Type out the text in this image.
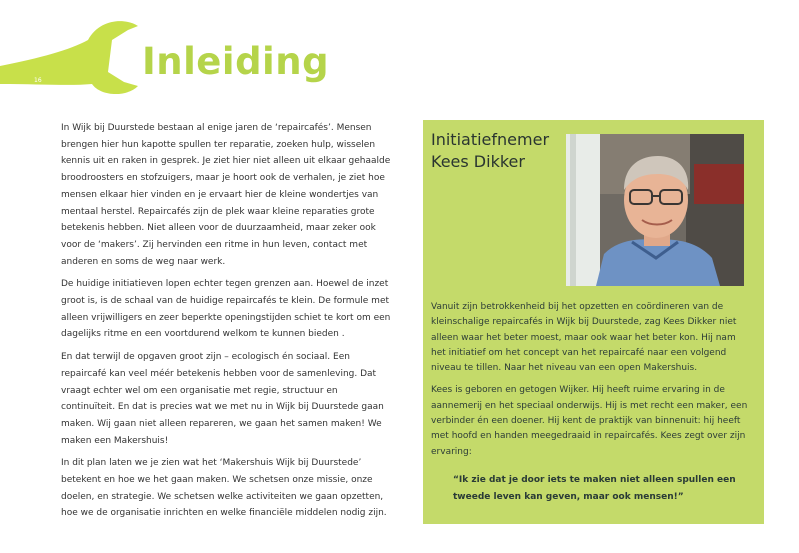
16	Inleiding

In Wijk bij Duurstede bestaan al enige jaren de ‘repaircafés’. Mensen brengen hier hun kapotte spullen ter reparatie, zoeken hulp, wisselen kennis uit en raken in gesprek. Je ziet hier niet alleen uit elkaar gehaalde broodroosters en stofzuigers, maar je hoort ook de verhalen, je ziet hoe mensen elkaar hier vinden en je ervaart hier de kleine wondertjes van mentaal herstel. Repaircafés zijn de plek waar kleine reparaties grote betekenis hebben. Niet alleen voor de duurzaamheid, maar zeker ook voor de ‘makers’. Zij hervinden een ritme in hun leven, contact met anderen en soms de weg naar werk.

De huidige initiatieven lopen echter tegen grenzen aan. Hoewel de inzet groot is, is de schaal van de huidige repaircafés te klein. De formule met alleen vrijwilligers en zeer beperkte openingstijden schiet te kort om een dagelijks ritme en een voortdurend welkom te kunnen bieden .

En dat terwijl de opgaven groot zijn – ecologisch én sociaal. Een repaircafé kan veel méér betekenis hebben voor de samenleving. Dat vraagt echter wel om een organisatie met regie, structuur en continuïteit. En dat is precies wat we met nu in Wijk bij Duurstede gaan maken. Wij gaan niet alleen repareren, we gaan het samen maken! We maken een Makershuis!

In dit plan laten we je zien wat het ‘Makershuis Wijk bij Duurstede’ betekent en hoe we het gaan maken. We schetsen onze missie, onze doelen, en strategie. We schetsen welke activiteiten we gaan opzetten, hoe we de organisatie inrichten en welke financiële middelen nodig zijn.

Initiatiefnemer
Kees Dikker

Vanuit zijn betrokkenheid bij het opzetten en coördineren van de kleinschalige repaircafés in Wijk bij Duurstede, zag Kees Dikker niet alleen waar het beter moest, maar ook waar het beter kon. Hij nam het initiatief om het concept van het repaircafé naar een volgend niveau te tillen. Naar het niveau van een open Makershuis.

Kees is geboren en getogen Wijker. Hij heeft ruime ervaring in de aannemerij en het speciaal onderwijs. Hij is met recht een maker, een verbinder én een doener. Hij kent de praktijk van binnenuit: hij heeft met hoofd en handen meegedraaid in repaircafés. Kees zegt over zijn ervaring:

“Ik zie dat je door iets te maken niet alleen spullen een tweede leven kan geven, maar ook mensen!”
